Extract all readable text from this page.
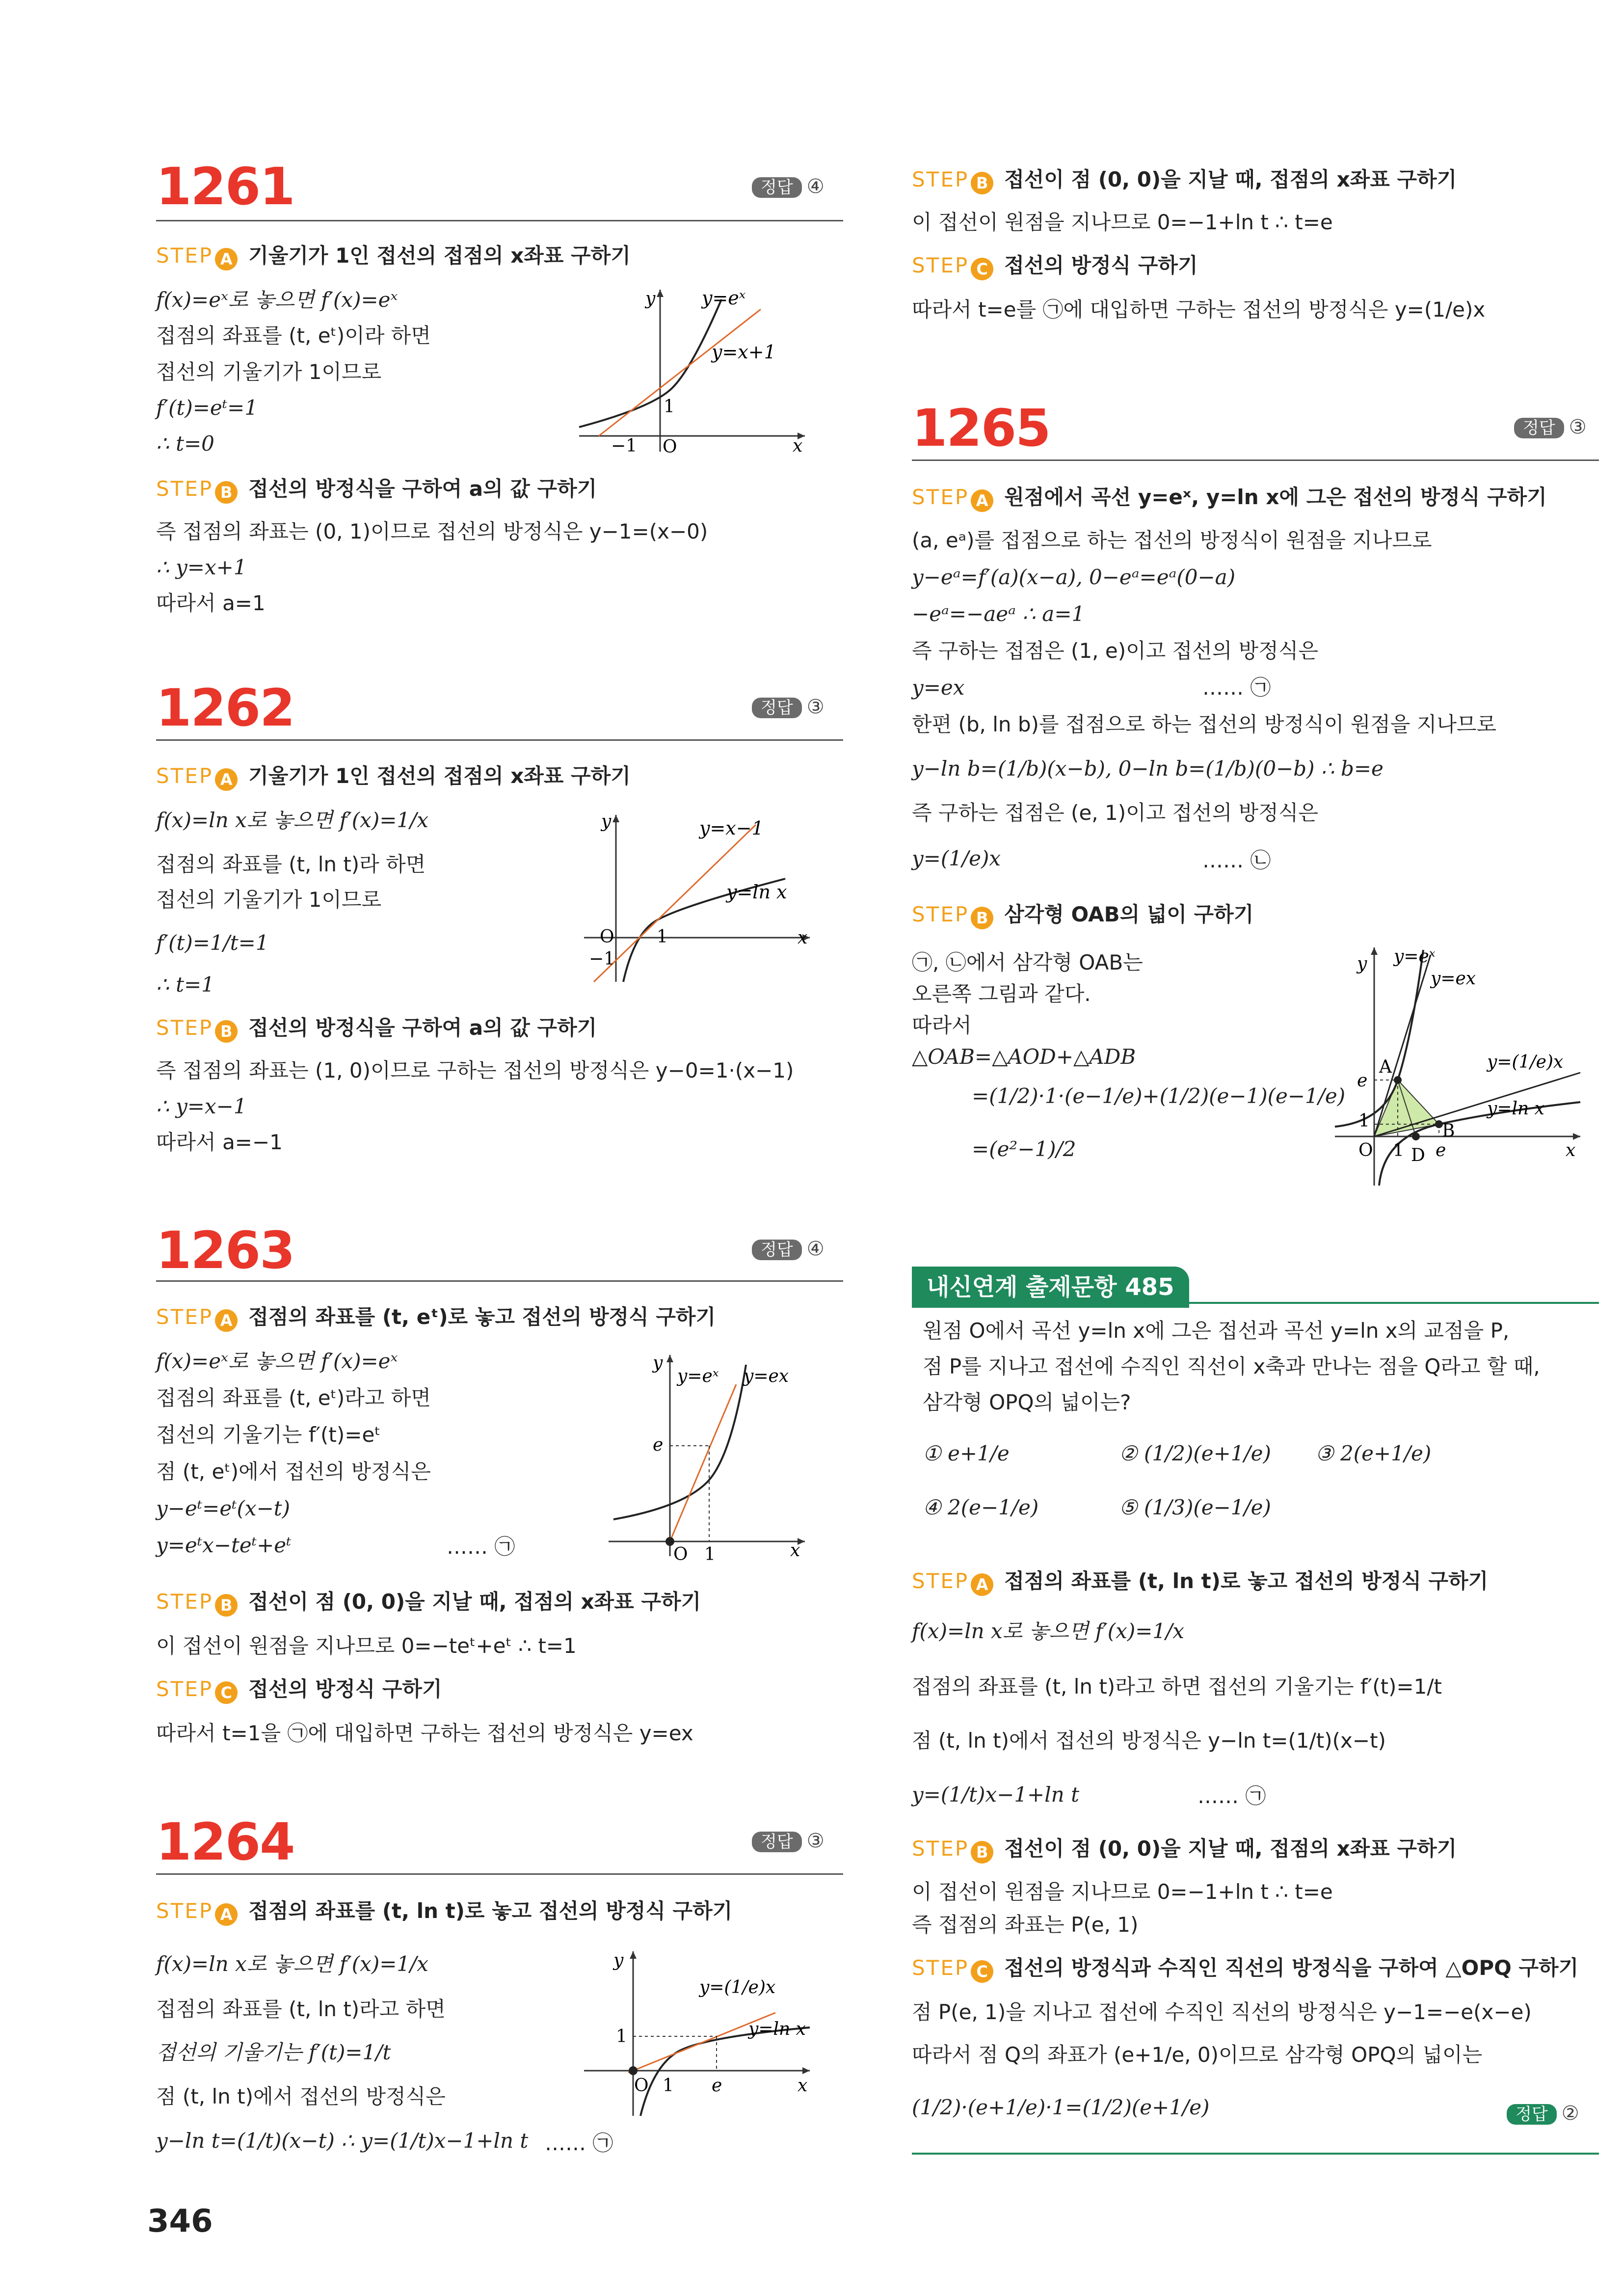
1261	정답 ④
STEP A 기울기가 1인 접선의 접점의 x좌표 구하기
f(x)=eˣ로 놓으면 f′(x)=eˣ
접점의 좌표를 (t, eᵗ)이라 하면
접선의 기울기가 1이므로
f′(t)=eᵗ=1
∴ t=0
y
x
y=eˣ
y=x+1
−1 O
1
STEP B 접선의 방정식을 구하여 a의 값 구하기
즉 접점의 좌표는 (0, 1)이므로 접선의 방정식은 y−1=(x−0)
∴ y=x+1
따라서 a=1
1262	정답 ③
STEP A 기울기가 1인 접선의 접점의 x좌표 구하기
f(x)=ln x로 놓으면 f′(x)=1/x
접점의 좌표를 (t, ln t)라 하면
접선의 기울기가 1이므로
f′(t)=1/t=1
∴ t=1
y
x
y=x−1
y=ln x
O 1
−1
STEP B 접선의 방정식을 구하여 a의 값 구하기
즉 접점의 좌표는 (1, 0)이므로 구하는 접선의 방정식은 y−0=1·(x−1)
∴ y=x−1
따라서 a=−1
1263	정답 ④
STEP A 접점의 좌표를 (t, eᵗ)로 놓고 접선의 방정식 구하기
f(x)=eˣ로 놓으면 f′(x)=eˣ
접점의 좌표를 (t, eᵗ)라고 하면
접선의 기울기는 f′(t)=eᵗ
점 (t, eᵗ)에서 접선의 방정식은
y−eᵗ=eᵗ(x−t)
y=eᵗx−teᵗ+eᵗ	…… ㉠
y
x
y=eˣ y=ex
e
O 1
STEP B 접선이 점 (0, 0)을 지날 때, 접점의 x좌표 구하기
이 접선이 원점을 지나므로 0=−teᵗ+eᵗ ∴ t=1
STEP C 접선의 방정식 구하기
따라서 t=1을 ㉠에 대입하면 구하는 접선의 방정식은 y=ex
1264	정답 ③
STEP A 접점의 좌표를 (t, ln t)로 놓고 접선의 방정식 구하기
f(x)=ln x로 놓으면 f′(x)=1/x
접점의 좌표를 (t, ln t)라고 하면
접선의 기울기는 f′(t)=1/t
점 (t, ln t)에서 접선의 방정식은
y−ln t=(1/t)(x−t) ∴ y=(1/t)x−1+ln t …… ㉠
y
x
y=(1/e)x
y=ln x
1
O 1 e
346
STEP B 접선이 점 (0, 0)을 지날 때, 접점의 x좌표 구하기
이 접선이 원점을 지나므로 0=−1+ln t ∴ t=e
STEP C 접선의 방정식 구하기
따라서 t=e를 ㉠에 대입하면 구하는 접선의 방정식은 y=(1/e)x
1265	정답 ③
STEP A 원점에서 곡선 y=eˣ, y=ln x에 그은 접선의 방정식 구하기
(a, eᵃ)를 접점으로 하는 접선의 방정식이 원점을 지나므로
y−eᵃ=f′(a)(x−a), 0−eᵃ=eᵃ(0−a)
−eᵃ=−aeᵃ ∴ a=1
즉 구하는 접점은 (1, e)이고 접선의 방정식은
y=ex	…… ㉠
한편 (b, ln b)를 접점으로 하는 접선의 방정식이 원점을 지나므로
y−ln b=(1/b)(x−b), 0−ln b=(1/b)(0−b) ∴ b=e
즉 구하는 접점은 (e, 1)이고 접선의 방정식은
y=(1/e)x	…… ㉡
STEP B 삼각형 OAB의 넓이 구하기
㉠, ㉡에서 삼각형 OAB는
오른쪽 그림과 같다.
따라서
△OAB=△AOD+△ADB
=(1/2)·1·(e−1/e)+(1/2)(e−1)(e−1/e)
=(e²−1)/2
y=eˣ
y=ex
y=(1/e)x
y=ln x
A
B
D
O
e
1
1 e
y
x
내신연계 출제문항 485
원점 O에서 곡선 y=ln x에 그은 접선과 곡선 y=ln x의 교점을 P,
점 P를 지나고 접선에 수직인 직선이 x축과 만나는 점을 Q라고 할 때,
삼각형 OPQ의 넓이는?
① e+1/e	② (1/2)(e+1/e) ③ 2(e+1/e)
④ 2(e−1/e)	⑤ (1/3)(e−1/e)
STEP A 접점의 좌표를 (t, ln t)로 놓고 접선의 방정식 구하기
f(x)=ln x로 놓으면 f′(x)=1/x
접점의 좌표를 (t, ln t)라고 하면 접선의 기울기는 f′(t)=1/t
점 (t, ln t)에서 접선의 방정식은 y−ln t=(1/t)(x−t)
y=(1/t)x−1+ln t	…… ㉠
STEP B 접선이 점 (0, 0)을 지날 때, 접점의 x좌표 구하기
이 접선이 원점을 지나므로 0=−1+ln t ∴ t=e
즉 접점의 좌표는 P(e, 1)
STEP C 접선의 방정식과 수직인 직선의 방정식을 구하여 △OPQ 구하기
점 P(e, 1)을 지나고 접선에 수직인 직선의 방정식은 y−1=−e(x−e)
따라서 점 Q의 좌표가 (e+1/e, 0)이므로 삼각형 OPQ의 넓이는
(1/2)·(e+1/e)·1=(1/2)(e+1/e)	정답 ②
